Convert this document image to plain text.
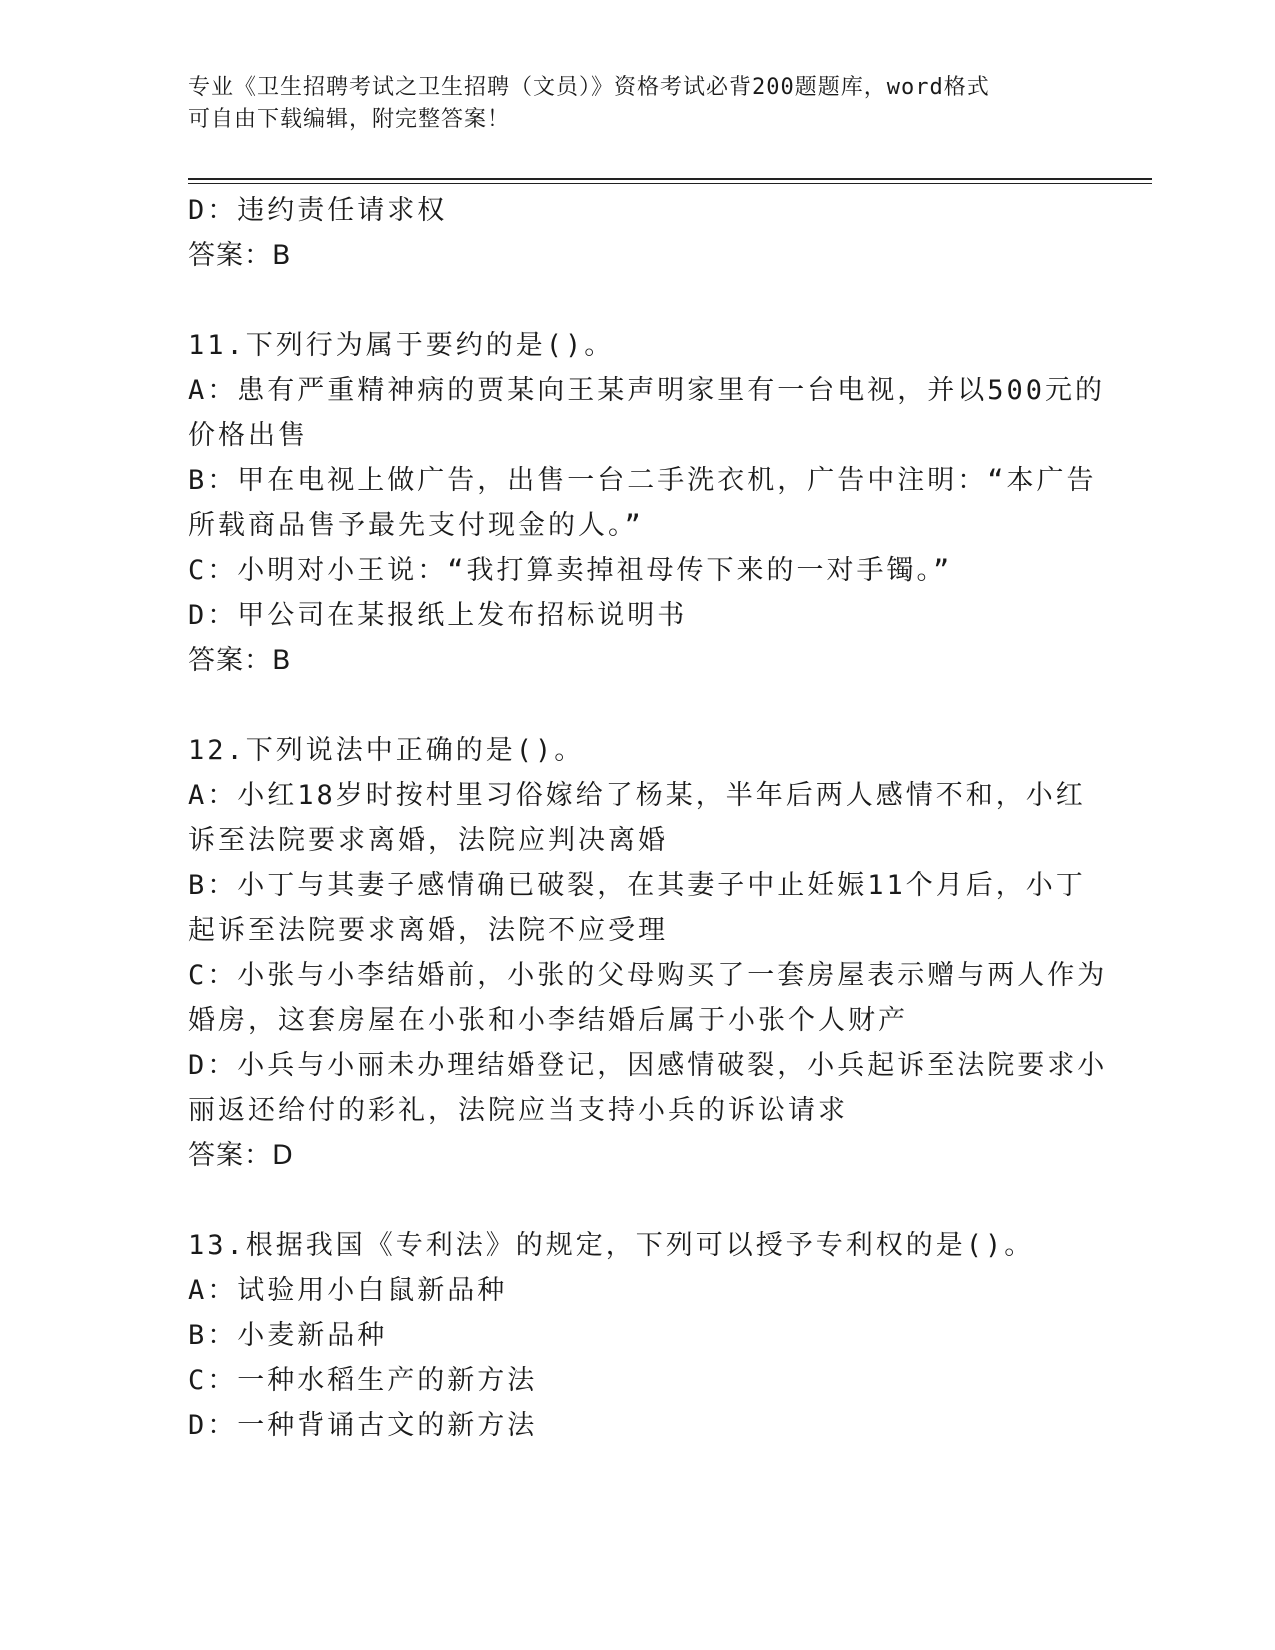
专业《卫生招聘考试之卫生招聘（文员）》资格考试必背200题题库，word格式
可自由下载编辑，附完整答案！
D：违约责任请求权
答案：B
11.下列行为属于要约的是()。
A：患有严重精神病的贾某向王某声明家里有一台电视，并以500元的
价格出售
B：甲在电视上做广告，出售一台二手洗衣机，广告中注明：“本广告
所载商品售予最先支付现金的人。”
C：小明对小王说：“我打算卖掉祖母传下来的一对手镯。”
D：甲公司在某报纸上发布招标说明书
答案：B
12.下列说法中正确的是()。
A：小红18岁时按村里习俗嫁给了杨某，半年后两人感情不和，小红
诉至法院要求离婚，法院应判决离婚
B：小丁与其妻子感情确已破裂，在其妻子中止妊娠11个月后，小丁
起诉至法院要求离婚，法院不应受理
C：小张与小李结婚前，小张的父母购买了一套房屋表示赠与两人作为
婚房，这套房屋在小张和小李结婚后属于小张个人财产
D：小兵与小丽未办理结婚登记，因感情破裂，小兵起诉至法院要求小
丽返还给付的彩礼，法院应当支持小兵的诉讼请求
答案：D
13.根据我国《专利法》的规定，下列可以授予专利权的是()。
A：试验用小白鼠新品种
B：小麦新品种
C：一种水稻生产的新方法
D：一种背诵古文的新方法
